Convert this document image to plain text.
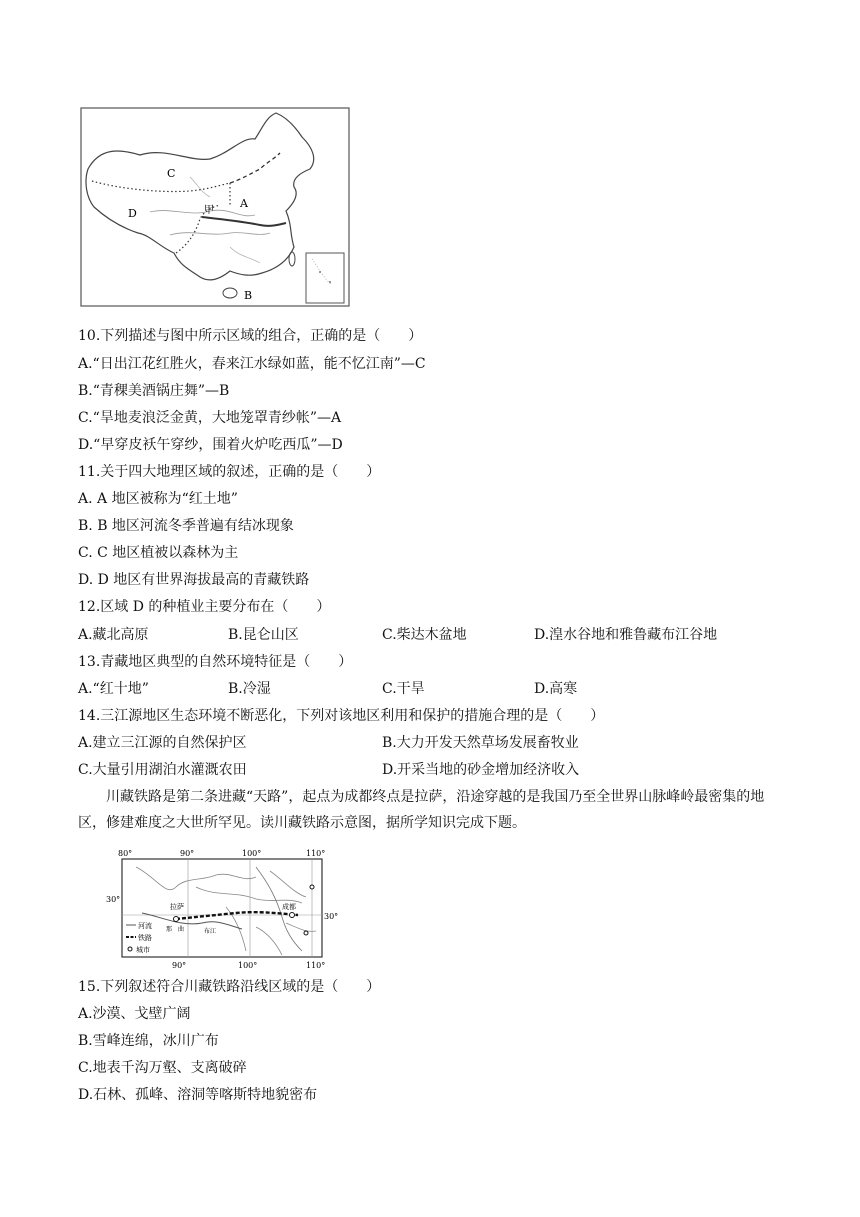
C
D	甲
A
B
10.下列描述与图中所示区域的组合，正确的是（　　）
A.“日出江花红胜火，春来江水绿如蓝，能不忆江南”—C
B.“青稞美酒锅庄舞”—B
C.“旱地麦浪泛金黄，大地笼罩青纱帐”—A
D.“早穿皮袄午穿纱，围着火炉吃西瓜”—D
11.关于四大地理区域的叙述，正确的是（　　）
A. A 地区被称为“红土地”
B. B 地区河流冬季普遍有结冰现象
C. C 地区植被以森林为主
D. D 地区有世界海拔最高的青藏铁路
12.区域 D 的种植业主要分布在（　　）
A.藏北高原	B.昆仑山区	C.柴达木盆地	D.湟水谷地和雅鲁藏布江谷地
13.青藏地区典型的自然环境特征是（　　）
A.“红十地”	B.冷湿	C.干旱	D.高寒
14.三江源地区生态环境不断恶化，下列对该地区利用和保护的措施合理的是（　　）
A.建立三江源的自然保护区	B.大力开发天然草场发展畜牧业
C.大量引用湖泊水灌溉农田	D.开采当地的砂金增加经济收入
川藏铁路是第二条进藏“天路”，起点为成都终点是拉萨，沿途穿越的是我国乃至全世界山脉峰岭最密集的地区，修建难度之大世所罕见。读川藏铁路示意图，据所学知识完成下题。
80°	90°	100°	110°
拉萨	成都
那 曲	布江
30°
30°
河流
铁路
城市
90°	100°	110°
15.下列叙述符合川藏铁路沿线区域的是（　　）
A.沙漠、戈壁广阔
B.雪峰连绵，冰川广布
C.地表千沟万壑、支离破碎
D.石林、孤峰、溶洞等喀斯特地貌密布
